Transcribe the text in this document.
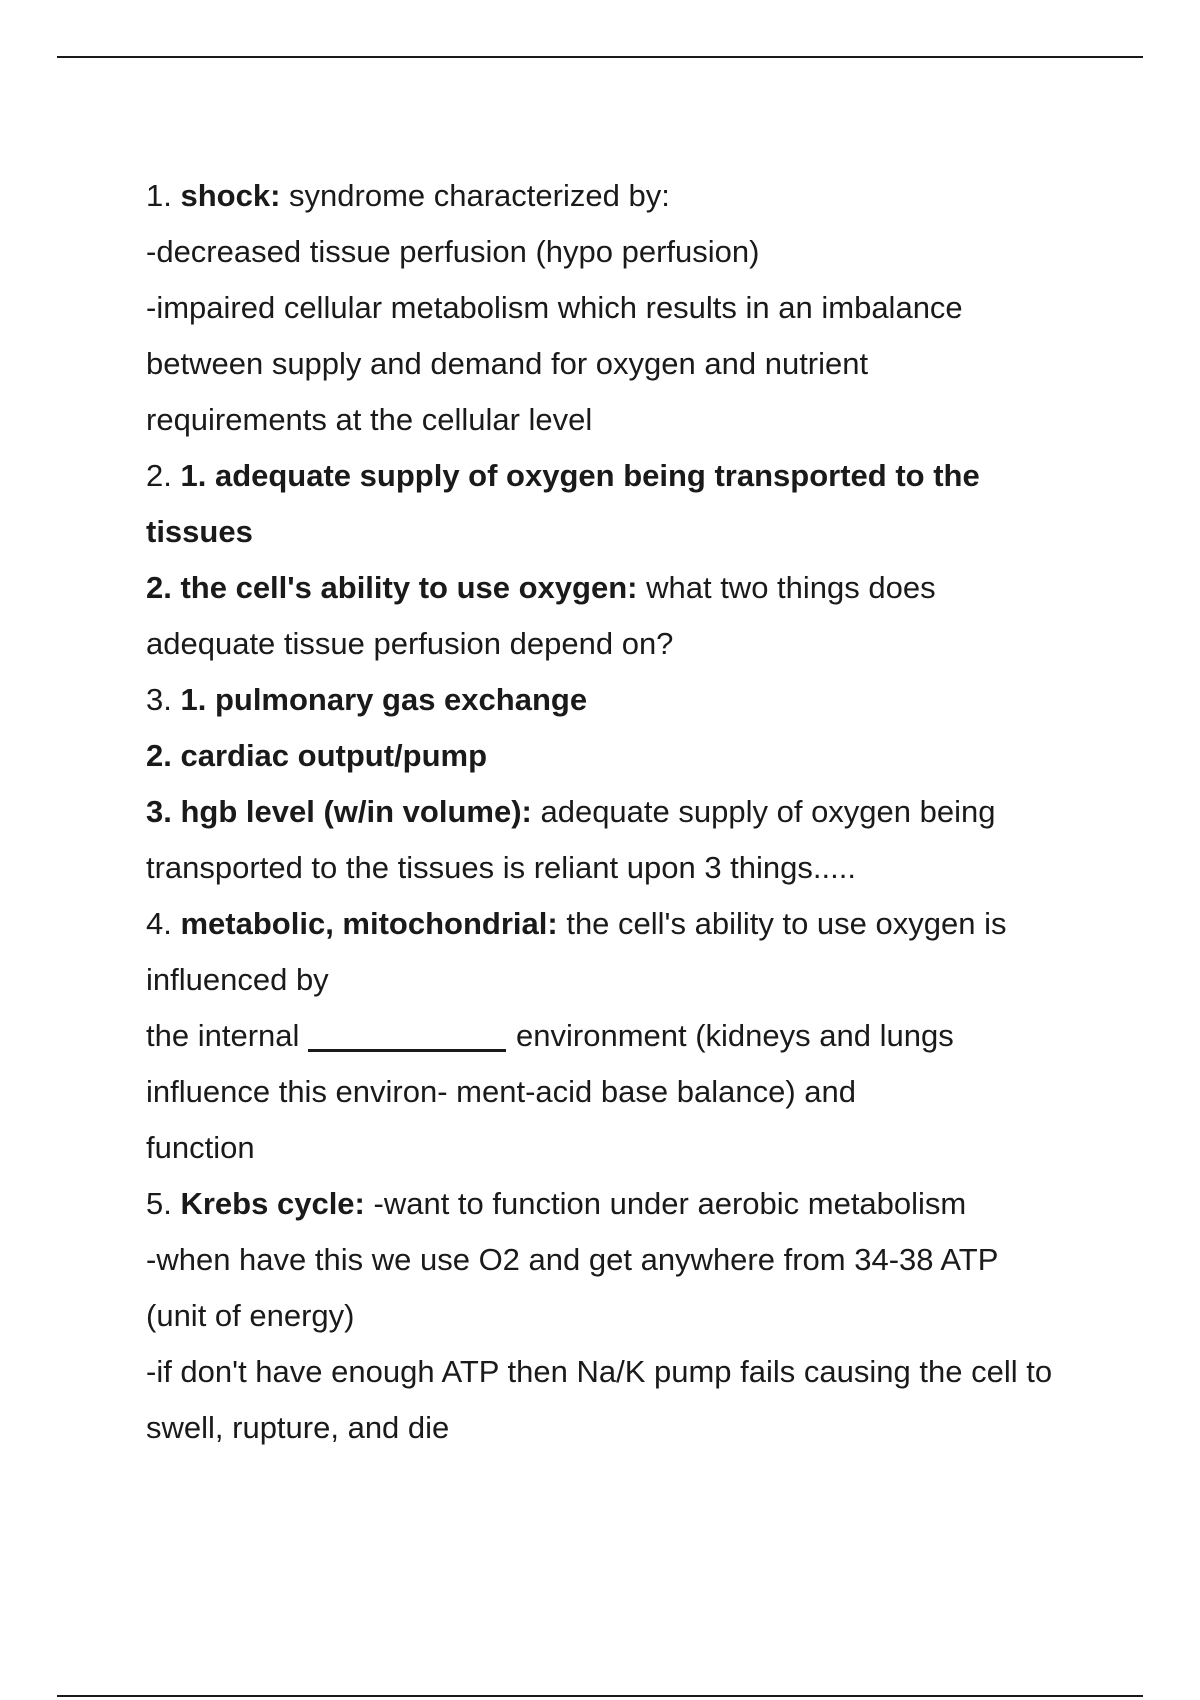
1. shock: syndrome characterized by:
-decreased tissue perfusion (hypo perfusion)
-impaired cellular metabolism which results in an imbalance
between supply and demand for oxygen and nutrient
requirements at the cellular level
2. 1. adequate supply of oxygen being transported to the
tissues
2. the cell's ability to use oxygen: what two things does
adequate tissue perfusion depend on?
3. 1. pulmonary gas exchange
2. cardiac output/pump
3. hgb level (w/in volume): adequate supply of oxygen being
transported to the tissues is reliant upon 3 things.....
4. metabolic, mitochondrial: the cell's ability to use oxygen is
influenced by
the internal	environment (kidneys and lungs
influence this environ- ment-acid base balance) and
function
5. Krebs cycle: -want to function under aerobic metabolism
-when have this we use O2 and get anywhere from 34-38 ATP
(unit of energy)
-if don't have enough ATP then Na/K pump fails causing the cell to
swell, rupture, and die
